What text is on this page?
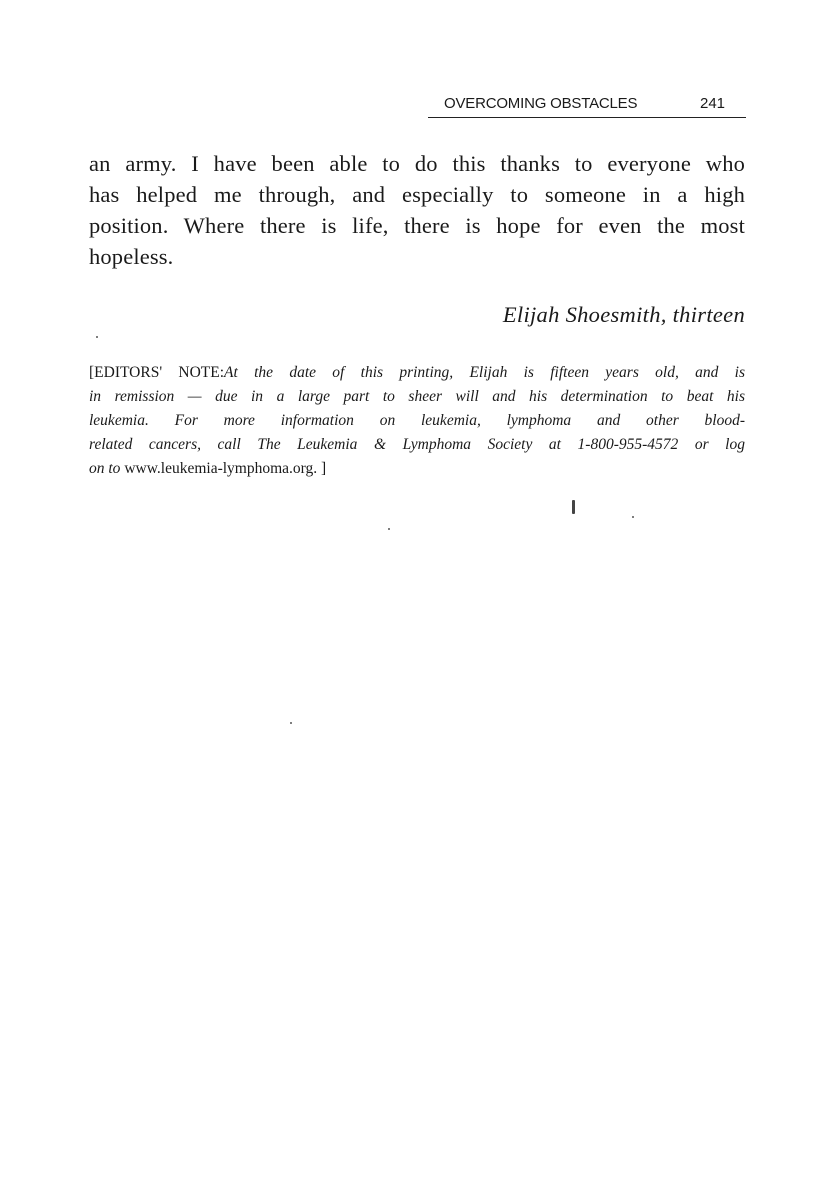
OVERCOMING OBSTACLES	241
an army. I have been able to do this thanks to everyone who
has helped me through, and especially to someone in a high
position. Where there is life, there is hope for even the most
hopeless.
Elijah Shoesmith, thirteen
[EDITORS' NOTE:At the date of this printing, Elijah is fifteen years old, and is
in remission — due in a large part to sheer will and his determination to beat his
leukemia. For more information on leukemia, lymphoma and other blood-
related cancers, call The Leukemia & Lymphoma Society at 1-800-955-4572 or log
on to www.leukemia-lymphoma.org. ]
